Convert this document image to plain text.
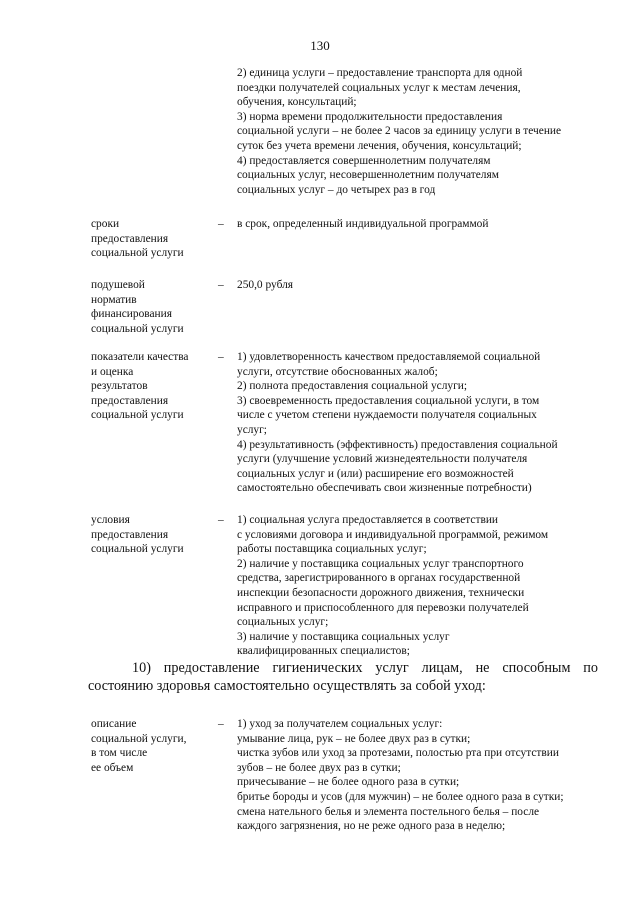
130
2) единица услуги – предоставление транспорта для одной
поездки получателей социальных услуг к местам лечения,
обучения, консультаций;
3) норма времени продолжительности предоставления
социальной услуги – не более 2 часов за единицу услуги в течение
суток без учета времени лечения, обучения, консультаций;
4) предоставляется совершеннолетним получателям
социальных услуг, несовершеннолетним получателям
социальных услуг – до четырех раз в год
сроки
предоставления
социальной услуги
– в срок, определенный индивидуальной программой
подушевой
норматив
финансирования
социальной услуги
– 250,0 рубля
показатели качества
и оценка
результатов
предоставления
социальной услуги
– 1) удовлетворенность качеством предоставляемой социальной
услуги, отсутствие обоснованных жалоб;
2) полнота предоставления социальной услуги;
3) своевременность предоставления социальной услуги, в том
числе с учетом степени нуждаемости получателя социальных
услуг;
4) результативность (эффективность) предоставления социальной
услуги (улучшение условий жизнедеятельности получателя
социальных услуг и (или) расширение его возможностей
самостоятельно обеспечивать свои жизненные потребности)
условия
предоставления
социальной услуги
– 1) социальная услуга предоставляется в соответствии
с условиями договора и индивидуальной программой, режимом
работы поставщика социальных услуг;
2) наличие у поставщика социальных услуг транспортного
средства, зарегистрированного в органах государственной
инспекции безопасности дорожного движения, технически
исправного и приспособленного для перевозки получателей
социальных услуг;
3) наличие у поставщика социальных услуг
квалифицированных специалистов;
10) предоставление гигиенических услуг лицам, не способным по
состоянию здоровья самостоятельно осуществлять за собой уход:
описание
социальной услуги,
в том числе
ее объем
– 1) уход за получателем социальных услуг:
умывание лица, рук – не более двух раз в сутки;
чистка зубов или уход за протезами, полостью рта при отсутствии
зубов – не более двух раз в сутки;
причесывание – не более одного раза в сутки;
бритье бороды и усов (для мужчин) – не более одного раза в сутки;
смена нательного белья и элемента постельного белья – после
каждого загрязнения, но не реже одного раза в неделю;
